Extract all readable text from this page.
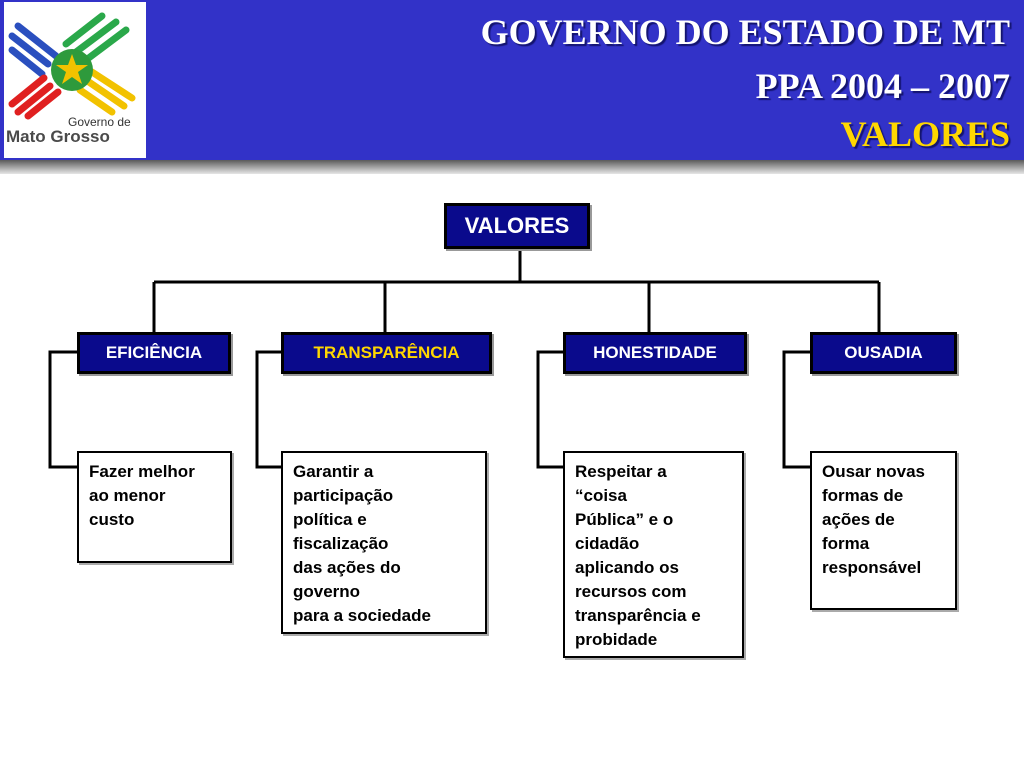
Governo de
Mato Grosso
GOVERNO DO ESTADO DE MT
PPA 2004 – 2007
VALORES
VALORES
EFICIÊNCIA	TRANSPARÊNCIA	HONESTIDADE	OUSADIA
Fazer melhor
ao menor
custo
Garantir a
participação
política e
fiscalização
das ações do
governo
para a sociedade
Respeitar a
“coisa
Pública” e o
cidadão
aplicando os
recursos com
transparência e
probidade
Ousar novas
formas de
ações de
forma
responsável
